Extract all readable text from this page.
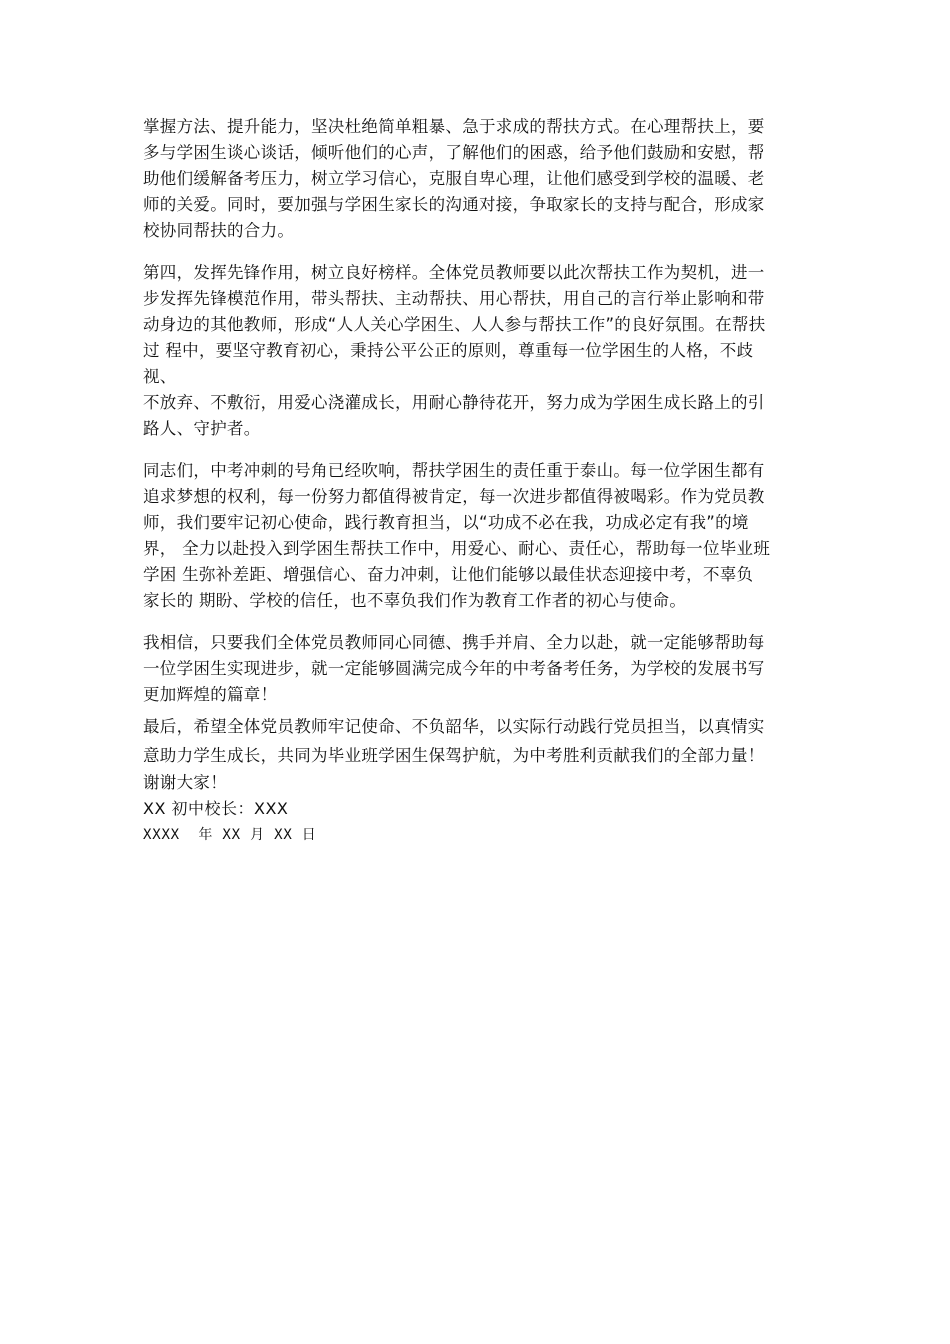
掌握方法、提升能力，坚决杜绝简单粗暴、急于求成的帮扶方式。在心理帮扶上，要
多与学困生谈心谈话，倾听他们的心声，了解他们的困惑，给予他们鼓励和安慰，帮
助他们缓解备考压力，树立学习信心，克服自卑心理，让他们感受到学校的温暖、老
师的关爱。同时，要加强与学困生家长的沟通对接，争取家长的支持与配合，形成家
校协同帮扶的合力。

第四，发挥先锋作用，树立良好榜样。全体党员教师要以此次帮扶工作为契机，进一
步发挥先锋模范作用，带头帮扶、主动帮扶、用心帮扶，用自己的言行举止影响和带
动身边的其他教师，形成“人人关心学困生、人人参与帮扶工作”的良好氛围。在帮扶
过 程中，要坚守教育初心，秉持公平公正的原则，尊重每一位学困生的人格，不歧
视、
不放弃、不敷衍，用爱心浇灌成长，用耐心静待花开，努力成为学困生成长路上的引
路人、守护者。

同志们，中考冲刺的号角已经吹响，帮扶学困生的责任重于泰山。每一位学困生都有
追求梦想的权利，每一份努力都值得被肯定，每一次进步都值得被喝彩。作为党员教
师，我们要牢记初心使命，践行教育担当，以“功成不必在我，功成必定有我”的境
界， 全力以赴投入到学困生帮扶工作中，用爱心、耐心、责任心，帮助每一位毕业班
学困 生弥补差距、增强信心、奋力冲刺，让他们能够以最佳状态迎接中考，不辜负
家长的 期盼、学校的信任，也不辜负我们作为教育工作者的初心与使命。

我相信，只要我们全体党员教师同心同德、携手并肩、全力以赴，就一定能够帮助每
一位学困生实现进步，就一定能够圆满完成今年的中考备考任务，为学校的发展书写
更加辉煌的篇章！

最后，希望全体党员教师牢记使命、不负韶华，以实际行动践行党员担当，以真情实
意助力学生成长，共同为毕业班学困生保驾护航，为中考胜利贡献我们的全部力量！

谢谢大家！

XX 初中校长：XXX

XXXX  年 XX 月 XX 日
